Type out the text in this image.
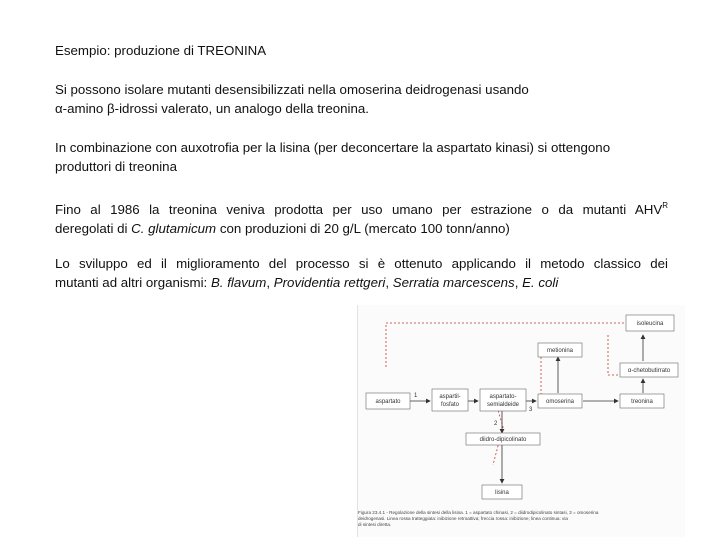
Esempio: produzione di TREONINA
Si possono isolare mutanti desensibilizzati nella omoserina deidrogenasi usando
α-amino β-idrossi valerato, un analogo della treonina.
In combinazione con auxotrofia per la lisina (per deconcertare la aspartato kinasi) si ottengono
produttori di treonina
Fino al 1986 la treonina veniva prodotta per uso umano per estrazione o da mutanti $AHV^R$
deregolati di C. glutamicum con produzioni di 20 g/L (mercato 100 tonn/anno)
Lo sviluppo ed il miglioramento del processo si è ottenuto applicando il metodo classico dei
mutanti ad altri organismi: B. flavum, Providentia rettgeri, Serratia marcescens, E. coli
aspartato
aspartil-
fosfato
aspartato-
semialdeide
metionina
omoserina	treonina
α-chetobutirrato
isoleucina
diidro-dipicolinato
lisina
1
2
3
Figura 23.4.1 - Regolazione della sintesi della lisina. 1 = aspartato chinasi, 2 = diidrodipicolinato sintasi, 3 = omoserina
deidrogenasi. Linea rossa tratteggiata: inibizione retroattiva; freccia rossa: inibizione; linea continua: via
di sintesi diretta.
